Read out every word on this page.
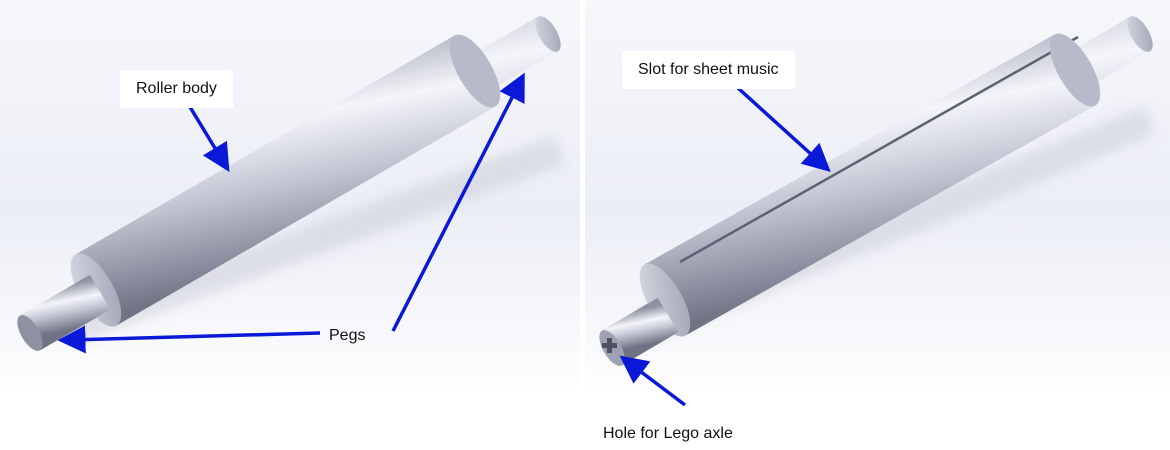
Roller body
Pegs
Slot for sheet music
Hole for Lego axle
